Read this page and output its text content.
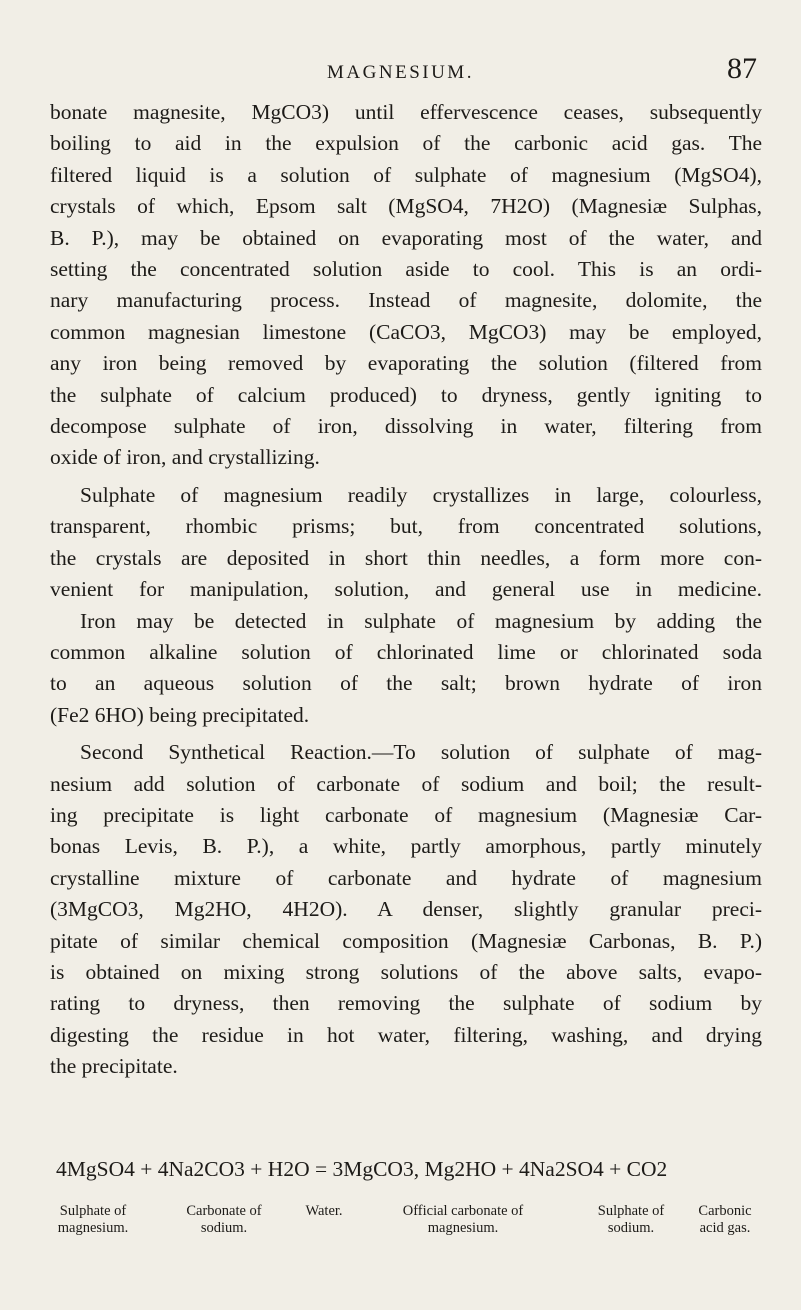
MAGNESIUM.	87

bonate magnesite, MgCO3) until effervescence ceases, subsequently
boiling to aid in the expulsion of the carbonic acid gas. The
filtered liquid is a solution of sulphate of magnesium (MgSO4),
crystals of which, Epsom salt (MgSO4, 7H2O) (Magnesiæ Sulphas,
B. P.), may be obtained on evaporating most of the water, and
setting the concentrated solution aside to cool. This is an ordi-
nary manufacturing process. Instead of magnesite, dolomite, the
common magnesian limestone (CaCO3, MgCO3) may be employed,
any iron being removed by evaporating the solution (filtered from
the sulphate of calcium produced) to dryness, gently igniting to
decompose sulphate of iron, dissolving in water, filtering from
oxide of iron, and crystallizing.

Sulphate of magnesium readily crystallizes in large, colourless,
transparent, rhombic prisms; but, from concentrated solutions,
the crystals are deposited in short thin needles, a form more con-
venient for manipulation, solution, and general use in medicine.
Iron may be detected in sulphate of magnesium by adding the
common alkaline solution of chlorinated lime or chlorinated soda
to an aqueous solution of the salt; brown hydrate of iron
(Fe2 6HO) being precipitated.

Second Synthetical Reaction.—To solution of sulphate of mag-
nesium add solution of carbonate of sodium and boil; the result-
ing precipitate is light carbonate of magnesium (Magnesiæ Car-
bonas Levis, B. P.), a white, partly amorphous, partly minutely
crystalline mixture of carbonate and hydrate of magnesium
(3MgCO3, Mg2HO, 4H2O). A denser, slightly granular preci-
pitate of similar chemical composition (Magnesiæ Carbonas, B. P.)
is obtained on mixing strong solutions of the above salts, evapo-
rating to dryness, then removing the sulphate of sodium by
digesting the residue in hot water, filtering, washing, and drying
the precipitate.

4MgSO4 + 4Na2CO3 + H2O = 3MgCO3, Mg2HO + 4Na2SO4 + CO2
Sulphate of magnesium.
Carbonate of sodium.
Water.	Official carbonate of magnesium.
Sulphate of sodium.
Carbonic acid gas.
